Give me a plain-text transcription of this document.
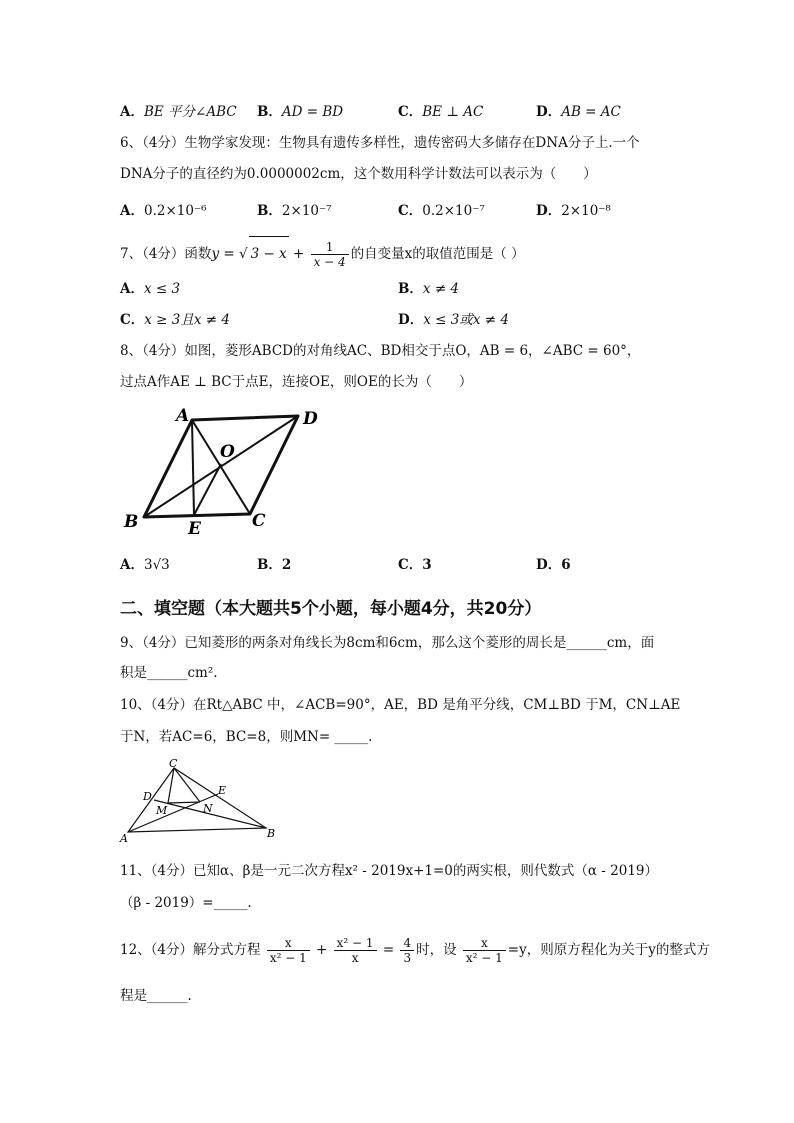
A．BE 平分∠ABC B．AD = BD	C．BE ⊥ AC	D．AB = AC
6、（4分）生物学家发现：生物具有遗传多样性，遗传密码大多储存在DNA分子上.一个
DNA分子的直径约为0.0000002cm，这个数用科学计数法可以表示为（　　）
A．0.2×10⁻⁶	B．2×10⁻⁷	C．0.2×10⁻⁷	D．2×10⁻⁸
7、（4分）函数y = √ $3 - x + \frac{1}{x - 4}$ 的自变量x的取值范围是（ ）
A．x ≤ 3	B．x ≠ 4
C．x ≥ 3且x ≠ 4	D．x ≤ 3或x ≠ 4
8、（4分）如图，菱形ABCD的对角线AC、BD相交于点O，AB = 6，∠ABC = 60°，
过点A作AE ⊥ BC于点E，连接OE，则OE的长为（　　）
A	D
O
B	E	C
A．3√3	B．2	C．3	D．6
二、填空题（本大题共5个小题，每小题4分，共20分）
9、（4分）已知菱形的两条对角线长为8cm和6cm，那么这个菱形的周长是______cm，面
积是______cm².
10、（4分）在Rt△ABC 中，∠ACB=90°，AE，BD 是角平分线，CM⊥BD 于M，CN⊥AE
于N，若AC=6，BC=8，则MN= _____.
C
D	E
M	N
A	B
11、（4分）已知α、β是一元二次方程x² - 2019x+1=0的两实根，则代数式（α - 2019）
（β - 2019）=_____.
12、（4分）解分式方程 $\frac{x}{\text{x² − 1}} + \frac{\text{x² − 1}}{x} = \frac{4}{3}$ 时，设 $\frac{x}{\text{x² − 1}} =y$，则原方程化为关于y的整式方
程是______.
